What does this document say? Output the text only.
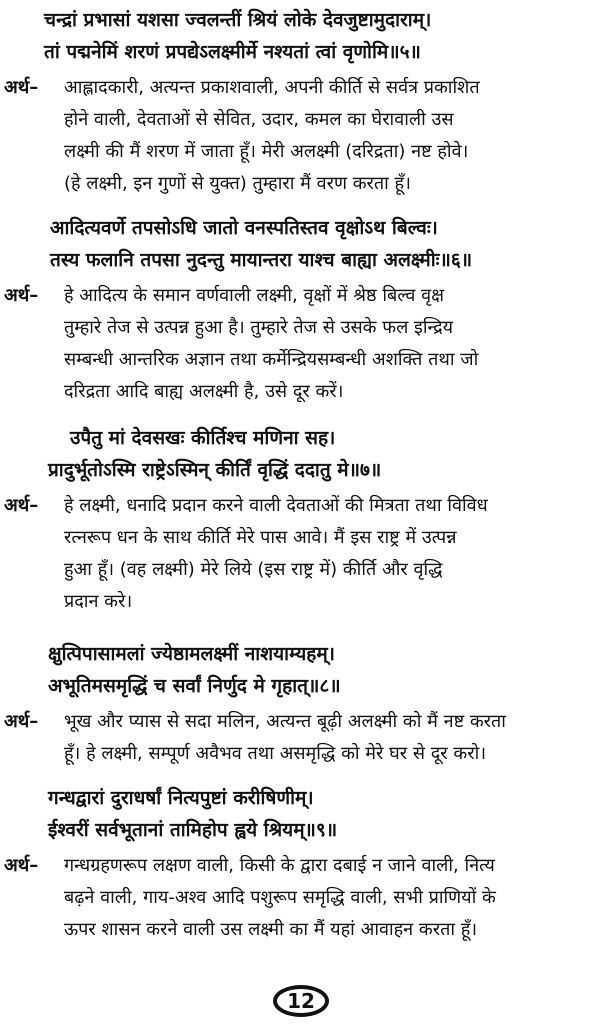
चन्द्रां प्रभासां यशसा ज्वलन्तीं श्रियं लोके देवजुष्टामुदाराम्।
तां पद्मनेमिं शरणं प्रपद्येऽलक्ष्मीर्मे नश्यतां त्वां वृणोमि॥५॥
अर्थ–	आह्लादकारी, अत्यन्त प्रकाशवाली, अपनी कीर्ति से सर्वत्र प्रकाशित
होने वाली, देवताओं से सेवित, उदार, कमल का घेरावाली उस
लक्ष्मी की मैं शरण में जाता हूँ। मेरी अलक्ष्मी (दरिद्रता) नष्ट होवे।
(हे लक्ष्मी, इन गुणों से युक्त) तुम्हारा मैं वरण करता हूँ।
आदित्यवर्णे तपसोऽधि जातो वनस्पतिस्तव वृक्षोऽथ बिल्वः।
तस्य फलानि तपसा नुदन्तु मायान्तरा याश्च बाह्या अलक्ष्मीः॥६॥
अर्थ–	हे आदित्य के समान वर्णवाली लक्ष्मी, वृक्षों में श्रेष्ठ बिल्व वृक्ष
तुम्हारे तेज से उत्पन्न हुआ है। तुम्हारे तेज से उसके फल इन्द्रिय
सम्बन्धी आन्तरिक अज्ञान तथा कर्मेन्द्रियसम्बन्धी अशक्ति तथा जो
दरिद्रता आदि बाह्य अलक्ष्मी है, उसे दूर करें।
उपैतु मां देवसखः कीर्तिश्च मणिना सह।
प्रादुर्भूतोऽस्मि राष्ट्रेऽस्मिन् कीर्तिं वृद्धिं ददातु मे॥७॥
अर्थ–	हे लक्ष्मी, धनादि प्रदान करने वाली देवताओं की मित्रता तथा विविध
रत्नरूप धन के साथ कीर्ति मेरे पास आवे। मैं इस राष्ट्र में उत्पन्न
हुआ हूँ। (वह लक्ष्मी) मेरे लिये (इस राष्ट्र में) कीर्ति और वृद्धि
प्रदान करे।
क्षुत्पिपासामलां ज्येष्ठामलक्ष्मीं नाशयाम्यहम्।
अभूतिमसमृद्धिं च सर्वां निर्णुद मे गृहात्॥८॥
अर्थ–	भूख और प्यास से सदा मलिन, अत्यन्त बूढ़ी अलक्ष्मी को मैं नष्ट करता
हूँ। हे लक्ष्मी, सम्पूर्ण अवैभव तथा असमृद्धि को मेरे घर से दूर करो।
गन्धद्वारां दुराधर्षां नित्यपुष्टां करीषिणीम्।
ईश्वरीं सर्वभूतानां तामिहोप ह्वये श्रियम्॥९॥
अर्थ–	गन्धग्रहणरूप लक्षण वाली, किसी के द्वारा दबाई न जाने वाली, नित्य
बढ़ने वाली, गाय-अश्व आदि पशुरूप समृद्धि वाली, सभी प्राणियों के
ऊपर शासन करने वाली उस लक्ष्मी का मैं यहां आवाहन करता हूँ।
12
